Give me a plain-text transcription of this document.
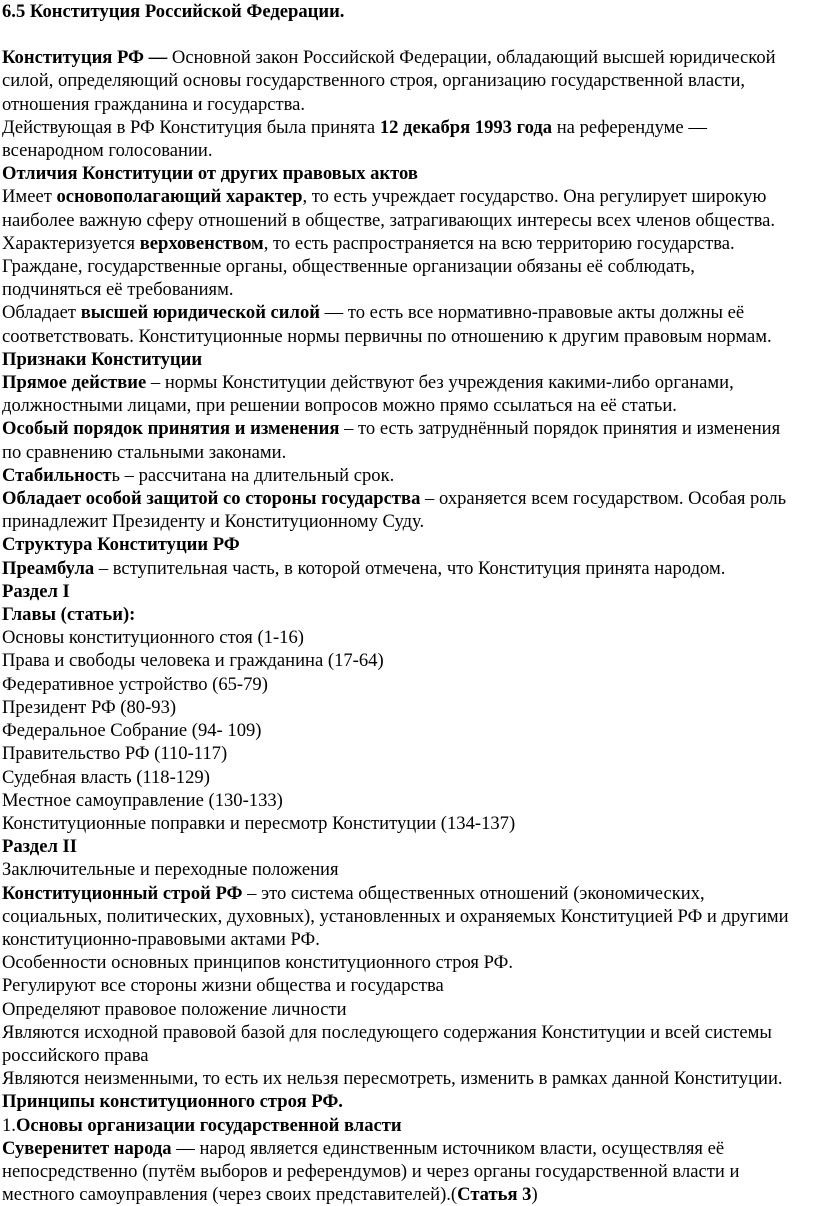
6.5 Конституция Российской Федерации.
Конституция РФ — Основной закон Российской Федерации, обладающий высшей юридической
силой, определяющий основы государственного строя, организацию государственной власти,
отношения гражданина и государства.
Действующая в РФ Конституция была принята 12 декабря 1993 года на референдуме —
всенародном голосовании.
Отличия Конституции от других правовых актов
Имеет основополагающий характер, то есть учреждает государство. Она регулирует широкую
наиболее важную сферу отношений в обществе, затрагивающих интересы всех членов общества.
Характеризуется верховенством, то есть распространяется на всю территорию государства.
Граждане, государственные органы, общественные организации обязаны её соблюдать,
подчиняться её требованиям.
Обладает высшей юридической силой — то есть все нормативно-правовые акты должны её
соответствовать. Конституционные нормы первичны по отношению к другим правовым нормам.
Признаки Конституции
Прямое действие – нормы Конституции действуют без учреждения какими-либо органами,
должностными лицами, при решении вопросов можно прямо ссылаться на её статьи.
Особый порядок принятия и изменения – то есть затруднённый порядок принятия и изменения
по сравнению стальными законами.
Стабильность – рассчитана на длительный срок.
Обладает особой защитой со стороны государства – охраняется всем государством. Особая роль
принадлежит Президенту и Конституционному Суду.
Структура Конституции РФ
Преамбула – вступительная часть, в которой отмечена, что Конституция принята народом.
Раздел I
Главы (статьи):
Основы конституционного стоя (1-16)
Права и свободы человека и гражданина (17-64)
Федеративное устройство (65-79)
Президент РФ (80-93)
Федеральное Собрание (94- 109)
Правительство РФ (110-117)
Судебная власть (118-129)
Местное самоуправление (130-133)
Конституционные поправки и пересмотр Конституции (134-137)
Раздел II
Заключительные и переходные положения
Конституционный строй РФ – это система общественных отношений (экономических,
социальных, политических, духовных), установленных и охраняемых Конституцией РФ и другими
конституционно-правовыми актами РФ.
Особенности основных принципов конституционного строя РФ.
Регулируют все стороны жизни общества и государства
Определяют правовое положение личности
Являются исходной правовой базой для последующего содержания Конституции и всей системы
российского права
Являются неизменными, то есть их нельзя пересмотреть, изменить в рамках данной Конституции.
Принципы конституционного строя РФ.
1.Основы организации государственной власти
Суверенитет народа — народ является единственным источником власти, осуществляя её
непосредственно (путём выборов и референдумов) и через органы государственной власти и
местного самоуправления (через своих представителей).(Статья 3)
